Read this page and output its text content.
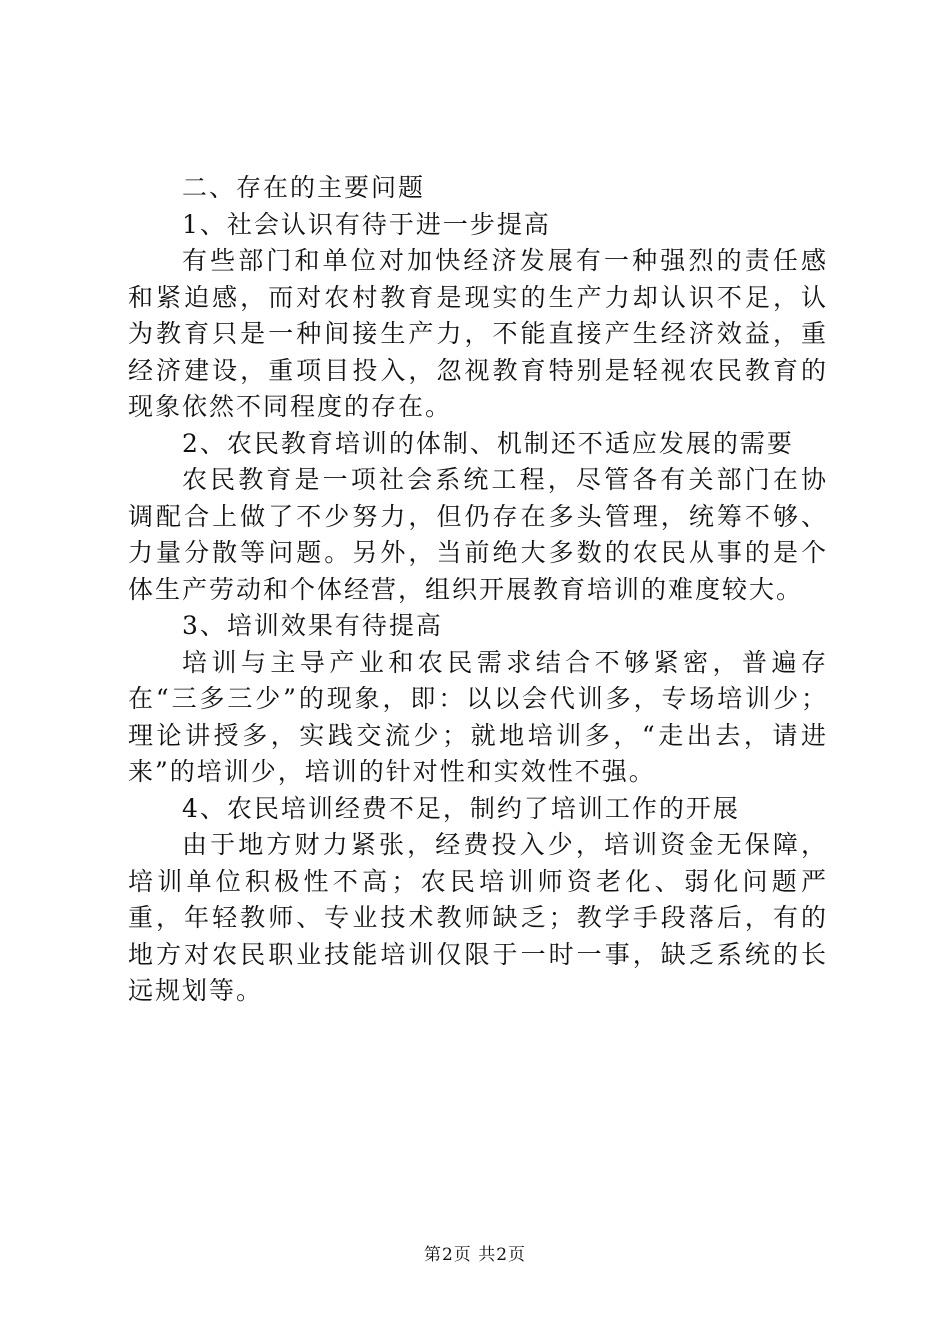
二、存在的主要问题

1、社会认识有待于进一步提高

有些部门和单位对加快经济发展有一种强烈的责任感和紧迫感，而对农村教育是现实的生产力却认识不足，认为教育只是一种间接生产力，不能直接产生经济效益，重经济建设，重项目投入，忽视教育特别是轻视农民教育的现象依然不同程度的存在。

2、农民教育培训的体制、机制还不适应发展的需要

农民教育是一项社会系统工程，尽管各有关部门在协调配合上做了不少努力，但仍存在多头管理，统筹不够、力量分散等问题。另外，当前绝大多数的农民从事的是个体生产劳动和个体经营，组织开展教育培训的难度较大。

3、培训效果有待提高

培训与主导产业和农民需求结合不够紧密，普遍存在“三多三少”的现象，即：以以会代训多，专场培训少；理论讲授多，实践交流少；就地培训多，“走出去，请进来”的培训少，培训的针对性和实效性不强。

4、农民培训经费不足，制约了培训工作的开展

由于地方财力紧张，经费投入少，培训资金无保障，培训单位积极性不高；农民培训师资老化、弱化问题严重，年轻教师、专业技术教师缺乏；教学手段落后，有的地方对农民职业技能培训仅限于一时一事，缺乏系统的长远规划等。

第2页 共2页
